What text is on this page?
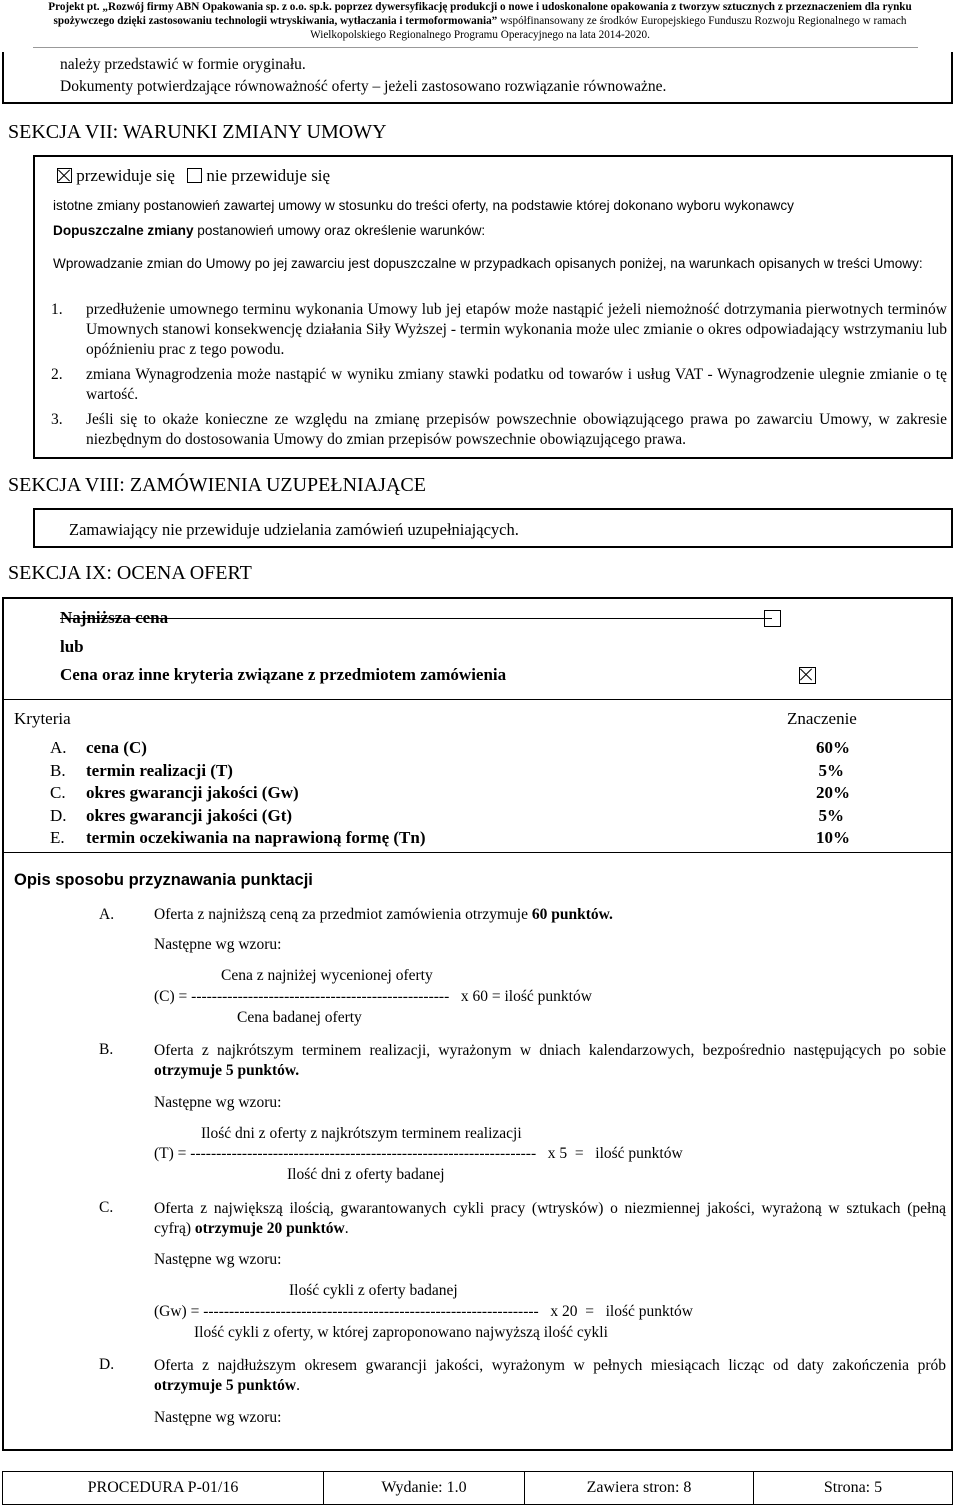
Projekt pt. „Rozwój firmy ABN Opakowania sp. z o.o. sp.k. poprzez dywersyfikację produkcji o nowe i udoskonalone opakowania z tworzyw sztucznych z przeznaczeniem dla rynku
spożywczego dzięki zastosowaniu technologii wtryskiwania, wytłaczania i termoformowania” współfinansowany ze środków Europejskiego Funduszu Rozwoju Regionalnego w ramach
Wielkopolskiego Regionalnego Programu Operacyjnego na lata 2014-2020.
należy przedstawić w formie oryginału.
Dokumenty potwierdzające równoważność oferty – jeżeli zastosowano rozwiązanie równoważne.
SEKCJA VII: WARUNKI ZMIANY UMOWY
przewiduje się nie przewiduje się
istotne zmiany postanowień zawartej umowy w stosunku do treści oferty, na podstawie której dokonano wyboru wykonawcy
Dopuszczalne zmiany postanowień umowy oraz określenie warunków:
Wprowadzanie zmian do Umowy po jej zawarciu jest dopuszczalne w przypadkach opisanych poniżej, na warunkach opisanych w treści Umowy:
1.	przedłużenie umownego terminu wykonania Umowy lub jej etapów może nastąpić jeżeli niemożność dotrzymania pierwotnych terminów Umownych stanowi konsekwencję działania Siły Wyższej - termin wykonania może ulec zmianie o okres odpowiadający wstrzymaniu lub opóźnieniu prac z tego powodu.
2.	zmiana Wynagrodzenia może nastąpić w wyniku zmiany stawki podatku od towarów i usług VAT - Wynagrodzenie ulegnie zmianie o tę wartość.
3.	Jeśli się to okaże konieczne ze względu na zmianę przepisów powszechnie obowiązującego prawa po zawarciu Umowy, w zakresie niezbędnym do dostosowania Umowy do zmian przepisów powszechnie obowiązującego prawa.
SEKCJA VIII: ZAMÓWIENIA UZUPEŁNIAJĄCE
Zamawiający nie przewiduje udzielania zamówień uzupełniających.
SEKCJA IX: OCENA OFERT
Najniższa cena

lub
Cena oraz inne kryteria związane z przedmiotem zamówienia
Kryteria	Znaczenie
A.	cena (C)	60%
B.	termin realizacji (T)	5%
C.	okres gwarancji jakości (Gw)	20%
D.	okres gwarancji jakości (Gt)	5%
E.	termin oczekiwania na naprawioną formę (Tn)	10%
Opis sposobu przyznawania punktacji
A.	Oferta z najniższą ceną za przedmiot zamówienia otrzymuje 60 punktów.
Następne wg wzoru:
Cena z najniżej wycenionej oferty
(C) = -------------------------------------------------- x 60 = ilość punktów
Cena badanej oferty
B.	Oferta z najkrótszym terminem realizacji, wyrażonym w dniach kalendarzowych, bezpośrednio następujących po sobie otrzymuje 5 punktów.
Następne wg wzoru:
Ilość dni z oferty z najkrótszym terminem realizacji
(T) = ------------------------------------------------------------------- x 5  =   ilość punktów
Ilość dni z oferty badanej
C.	Oferta z największą ilością, gwarantowanych cykli pracy (wtrysków) o niezmiennej jakości, wyrażoną w sztukach (pełną cyfrą) otrzymuje 20 punktów.
Następne wg wzoru:
Ilość cykli z oferty badanej
(Gw) = ----------------------------------------------------------------- x 20  =   ilość punktów
Ilość cykli z oferty, w której zaproponowano najwyższą ilość cykli
D.	Oferta z najdłuższym okresem gwarancji jakości, wyrażonym w pełnych miesiącach licząc od daty zakończenia prób otrzymuje 5 punktów.
Następne wg wzoru:
PROCEDURA P-01/16	Wydanie: 1.0	Zawiera stron: 8	Strona: 5
